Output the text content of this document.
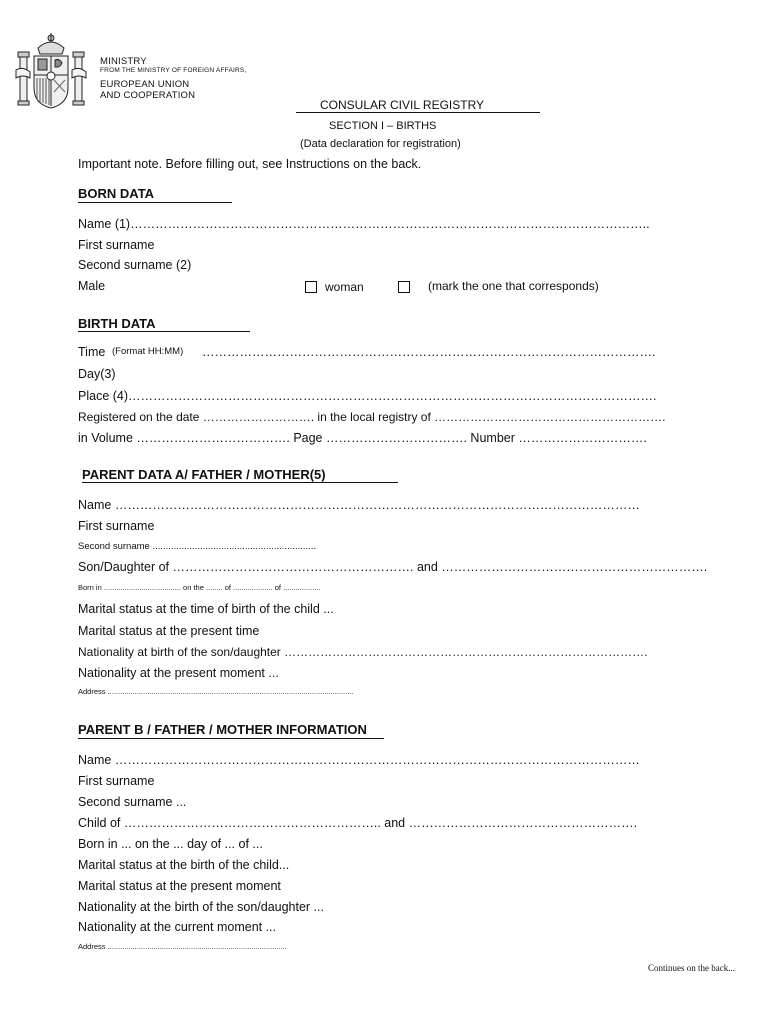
MINISTRY
FROM THE MINISTRY OF FOREIGN AFFAIRS,
EUROPEAN UNION
AND COOPERATION
CONSULAR CIVIL REGISTRY
SECTION I – BIRTHS
(Data declaration for registration)
Important note. Before filling out, see Instructions on the back.
BORN DATA
Name (1)……………………………………………………………………………………………………………..
First surname
Second surname (2)
Male	woman	(mark the one that corresponds)
BIRTH DATA
Time (Format HH:MM) ……………………………………………………………………………………………….
Day(3)
Place (4)……………………………………………………………………………………………………………….
Registered on the date ………………………. in the local registry of ………………………………………………….
in Volume ………………………………. Page ……………………………. Number ………………………….
PARENT DATA A/ FATHER / MOTHER(5)
Name ………………………………………………………………………………………………………………
First surname
Second surname ..............................................................
Son/Daughter of …………………………………………………. and ……………………………………………………….
Born in ..................................... on the ........ of ................... of ..................
Marital status at the time of birth of the child ...
Marital status at the present time
Nationality at birth of the son/daughter ……………………………………………………………………………….
Nationality at the present moment ...
Address ......................................................................................................................
PARENT B / FATHER / MOTHER INFORMATION
Name ………………………………………………………………………………………………………………
First surname
Second surname ...
Child of …………………………………………………….. and ……………………………………………….
Born in ... on the ... day of ... of ...
Marital status at the birth of the child...
Marital status at the present moment
Nationality at the birth of the son/daughter ...
Nationality at the current moment ...
Address ......................................................................................
Continues on the back...
